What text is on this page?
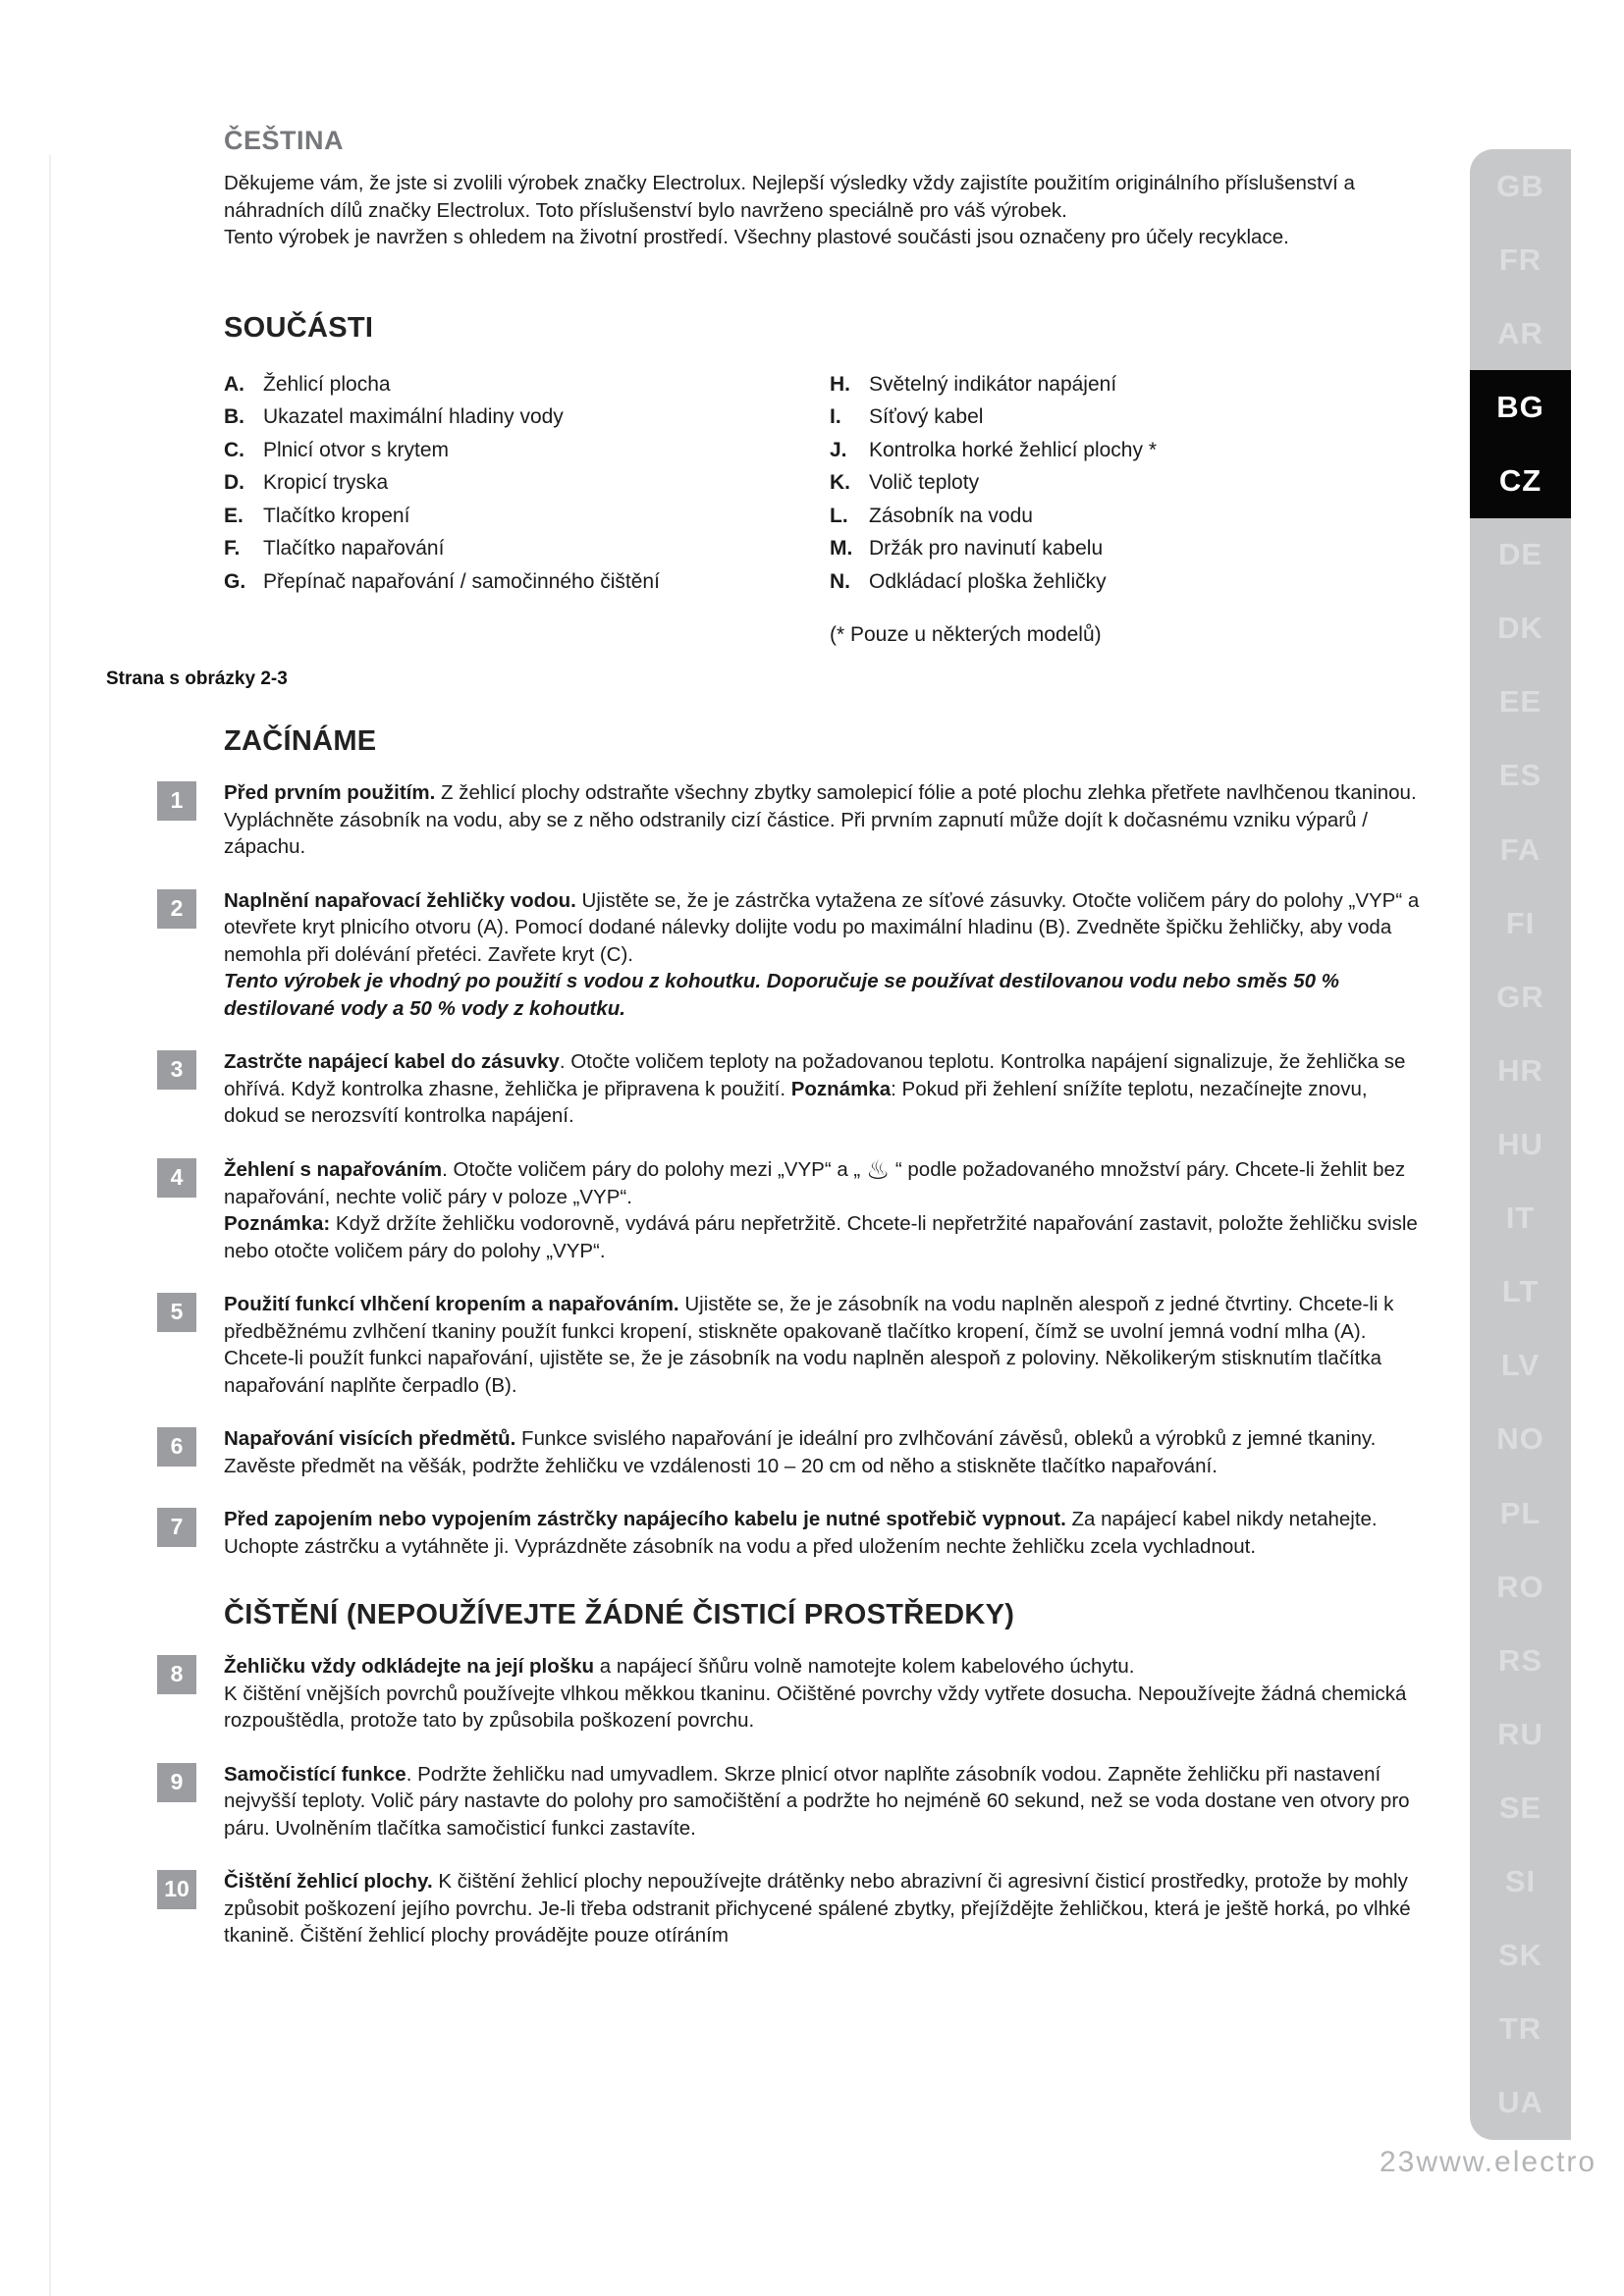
ČEŠTINA

Děkujeme vám, že jste si zvolili výrobek značky Electrolux. Nejlepší výsledky vždy zajistíte použitím originálního příslušenství a náhradních dílů značky Electrolux. Toto příslušenství bylo navrženo speciálně pro váš výrobek.
Tento výrobek je navržen s ohledem na životní prostředí. Všechny plastové součásti jsou označeny pro účely recyklace.

SOUČÁSTI
A. Žehlicí plocha
B. Ukazatel maximální hladiny vody
C. Plnicí otvor s krytem
D. Kropicí tryska
E. Tlačítko kropení
F. Tlačítko napařování
G. Přepínač napařování / samočinného čištění
H. Světelný indikátor napájení
I. Síťový kabel
J. Kontrolka horké žehlicí plochy *
K. Volič teploty
L. Zásobník na vodu
M. Držák pro navinutí kabelu
N. Odkládací ploška žehličky
(* Pouze u některých modelů)
Strana s obrázky 2-3
ZAČÍNÁME
1	Před prvním použitím. Z žehlicí plochy odstraňte všechny zbytky samolepicí fólie a poté plochu zlehka přetřete navlhčenou tkaninou. Vypláchněte zásobník na vodu, aby se z něho odstranily cizí částice. Při prvním zapnutí může dojít k dočasnému vzniku výparů / zápachu.
2	Naplnění napařovací žehličky vodou. Ujistěte se, že je zástrčka vytažena ze síťové zásuvky. Otočte voličem páry do polohy „VYP“ a otevřete kryt plnicího otvoru (A). Pomocí dodané nálevky dolijte vodu po maximální hladinu (B). Zvedněte špičku žehličky, aby voda nemohla při dolévání přetéci. Zavřete kryt (C).
Tento výrobek je vhodný po použití s vodou z kohoutku. Doporučuje se používat destilovanou vodu nebo směs 50 % destilované vody a 50 % vody z kohoutku.
3	Zastrčte napájecí kabel do zásuvky. Otočte voličem teploty na požadovanou teplotu. Kontrolka napájení signalizuje, že žehlička se ohřívá. Když kontrolka zhasne, žehlička je připravena k použití. Poznámka: Pokud při žehlení snížíte teplotu, nezačínejte znovu, dokud se nerozsvítí kontrolka napájení.
4	Žehlení s napařováním. Otočte voličem páry do polohy mezi „VYP“ a „ ♨ “ podle požadovaného množství páry. Chcete-li žehlit bez napařování, nechte volič páry v poloze „VYP“.
Poznámka: Když držíte žehličku vodorovně, vydává páru nepřetržitě. Chcete-li nepřetržité napařování zastavit, položte žehličku svisle nebo otočte voličem páry do polohy „VYP“.
5	Použití funkcí vlhčení kropením a napařováním. Ujistěte se, že je zásobník na vodu naplněn alespoň z jedné čtvrtiny. Chcete-li k předběžnému zvlhčení tkaniny použít funkci kropení, stiskněte opakovaně tlačítko kropení, čímž se uvolní jemná vodní mlha (A). Chcete-li použít funkci napařování, ujistěte se, že je zásobník na vodu naplněn alespoň z poloviny. Několikerým stisknutím tlačítka napařování naplňte čerpadlo (B).
6	Napařování visících předmětů. Funkce svislého napařování je ideální pro zvlhčování závěsů, obleků a výrobků z jemné tkaniny. Zavěste předmět na věšák, podržte žehličku ve vzdálenosti 10 – 20 cm od něho a stiskněte tlačítko napařování.
7	Před zapojením nebo vypojením zástrčky napájecího kabelu je nutné spotřebič vypnout. Za napájecí kabel nikdy netahejte. Uchopte zástrčku a vytáhněte ji. Vyprázdněte zásobník na vodu a před uložením nechte žehličku zcela vychladnout.
ČIŠTĚNÍ (NEPOUŽÍVEJTE ŽÁDNÉ ČISTICÍ PROSTŘEDKY)
8	Žehličku vždy odkládejte na její plošku a napájecí šňůru volně namotejte kolem kabelového úchytu.
K čištění vnějších povrchů používejte vlhkou měkkou tkaninu. Očištěné povrchy vždy vytřete dosucha. Nepoužívejte žádná chemická rozpouštědla, protože tato by způsobila poškození povrchu.
9	Samočistící funkce. Podržte žehličku nad umyvadlem. Skrze plnicí otvor naplňte zásobník vodou. Zapněte žehličku při nastavení nejvyšší teploty. Volič páry nastavte do polohy pro samočištění a podržte ho nejméně 60 sekund, než se voda dostane ven otvory pro páru. Uvolněním tlačítka samočisticí funkci zastavíte.
10	Čištění žehlicí plochy. K čištění žehlicí plochy nepoužívejte drátěnky nebo abrazivní či agresivní čisticí prostředky, protože by mohly způsobit poškození jejího povrchu. Je-li třeba odstranit přichycené spálené zbytky, přejíždějte žehličkou, která je ještě horká, po vlhké tkanině. Čištění žehlicí plochy provádějte pouze otíráním
GB
FR
AR
BG
CZ
DE
DK
EE
ES
FA
FI
GR
HR
HU
IT
LT
LV
NO
PL
RO
RS
RU
SE
SI
SK
TR
UA
23www.electro
